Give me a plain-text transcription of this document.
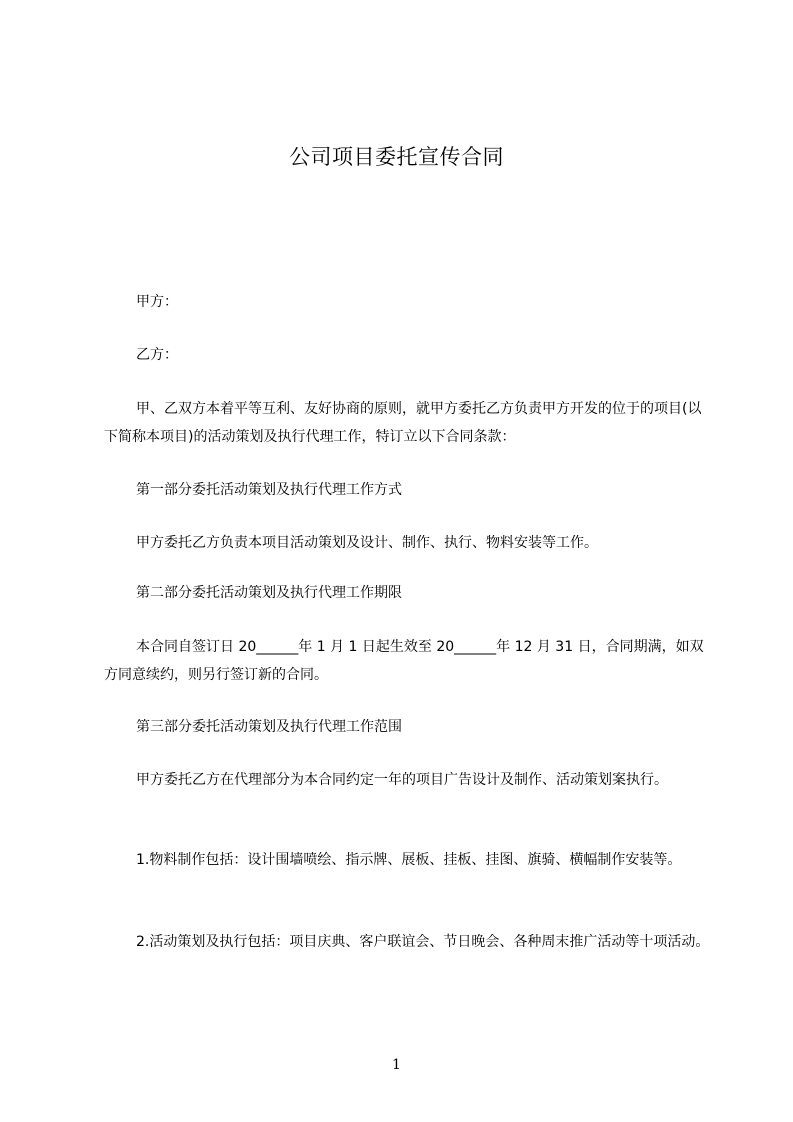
公司项目委托宣传合同
甲方：
乙方：
甲、乙双方本着平等互利、友好协商的原则，就甲方委托乙方负责甲方开发的位于的项目(以下简称本项目)的活动策划及执行代理工作，特订立以下合同条款：
第一部分委托活动策划及执行代理工作方式
甲方委托乙方负责本项目活动策划及设计、制作、执行、物料安装等工作。
第二部分委托活动策划及执行代理工作期限
本合同自签订日 20______年 1 月 1 日起生效至 20______年 12 月 31 日，合同期满，如双方同意续约，则另行签订新的合同。
第三部分委托活动策划及执行代理工作范围
甲方委托乙方在代理部分为本合同约定一年的项目广告设计及制作、活动策划案执行。
1.物料制作包括：设计围墙喷绘、指示牌、展板、挂板、挂图、旗骑、横幅制作安装等。
2.活动策划及执行包括：项目庆典、客户联谊会、节日晚会、各种周末推广活动等十项活动。
1
